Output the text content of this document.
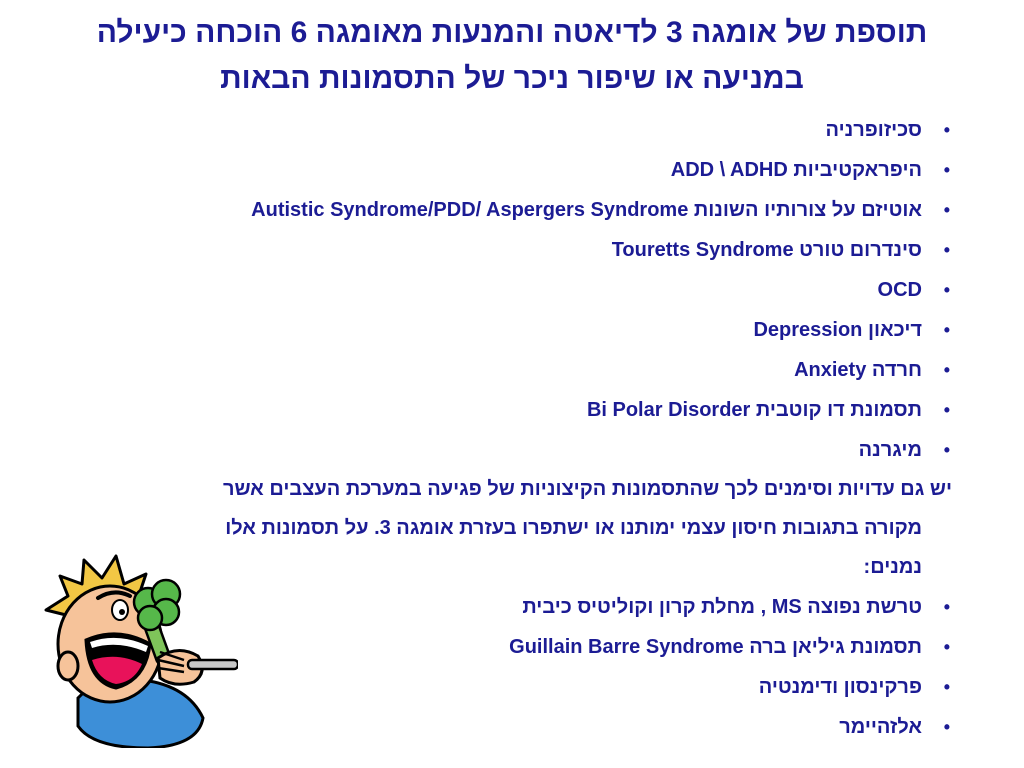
תוספת של אומגה 3 לדיאטה והמנעות מאומגה 6 הוכחה כיעילה
במניעה או שיפור ניכר של התסמונות הבאות
•
סכיזופרניה
•
היפראקטיביות ADD \ ADHD
•
אוטיזם על צורותיו השונות Autistic Syndrome/PDD/ Aspergers Syndrome
•
סינדרום טורט Touretts Syndrome
•
OCD
•
דיכאון Depression
•
חרדה Anxiety
•
תסמונת דו קוטבית Bi Polar Disorder
•
מיגרנה
יש גם עדויות וסימנים לכך שהתסמונות הקיצוניות של פגיעה במערכת העצבים אשר
מקורה בתגובות חיסון עצמי ימותנו או ישתפרו בעזרת אומגה 3. על תסמונות אלו
נמנים:
•
טרשת נפוצה MS , מחלת קרון וקוליטיס כיבית
•
תסמונת גיליאן ברה Guillain Barre Syndrome
•
פרקינסון ודימנטיה
•
אלזהיימר
